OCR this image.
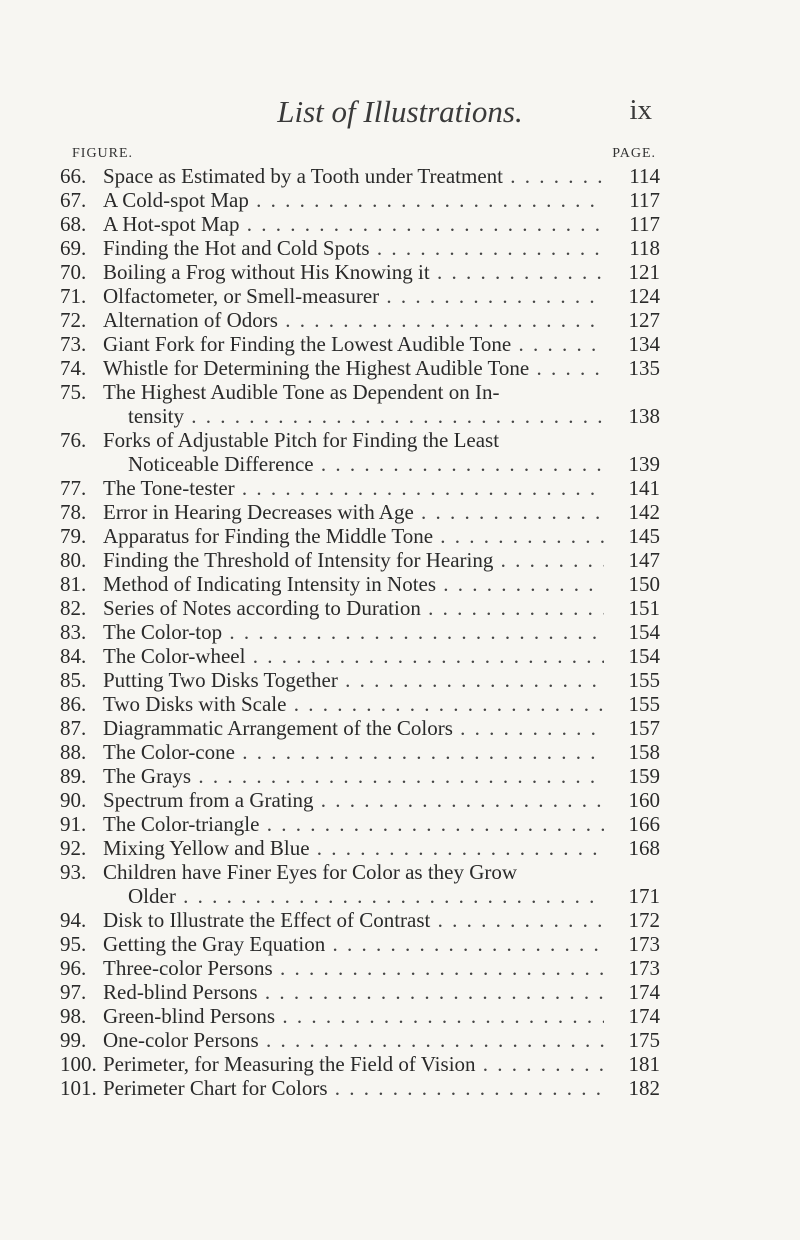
List of Illustrations.	ix
FIGURE.	PAGE.
66. Space as Estimated by a Tooth under Treatment . . .	114
67. A Cold-spot Map . . .	117
68. A Hot-spot Map . . .	117
69. Finding the Hot and Cold Spots . . .	118
70. Boiling a Frog without His Knowing it . . .	121
71. Olfactometer, or Smell-measurer . . .	124
72. Alternation of Odors . . .	127
73. Giant Fork for Finding the Lowest Audible Tone . . .	134
74. Whistle for Determining the Highest Audible Tone . . .	135
75. The Highest Audible Tone as Dependent on In-
tensity . . .	138
76. Forks of Adjustable Pitch for Finding the Least
Noticeable Difference . . .	139
77. The Tone-tester . . .	141
78. Error in Hearing Decreases with Age . . .	142
79. Apparatus for Finding the Middle Tone . . .	145
80. Finding the Threshold of Intensity for Hearing . . .	147
81. Method of Indicating Intensity in Notes . . .	150
82. Series of Notes according to Duration . . .	151
83. The Color-top . . .	154
84. The Color-wheel . . .	154
85. Putting Two Disks Together . . .	155
86. Two Disks with Scale . . .	155
87. Diagrammatic Arrangement of the Colors . . .	157
88. The Color-cone . . .	158
89. The Grays . . .	159
90. Spectrum from a Grating . . .	160
91. The Color-triangle . . .	166
92. Mixing Yellow and Blue . . .	168
93. Children have Finer Eyes for Color as they Grow
Older . . .	171
94. Disk to Illustrate the Effect of Contrast . . .	172
95. Getting the Gray Equation . . .	173
96. Three-color Persons . . .	173
97. Red-blind Persons . . .	174
98. Green-blind Persons . . .	174
99. One-color Persons . . .	175
100. Perimeter, for Measuring the Field of Vision . . .	181
101. Perimeter Chart for Colors . . .	182
